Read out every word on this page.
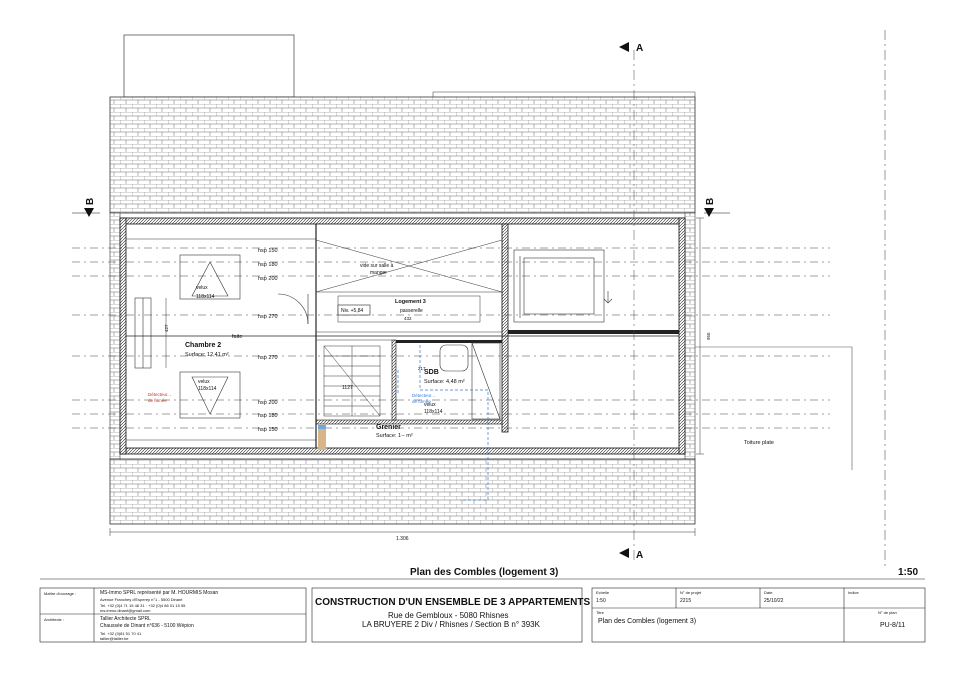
A
A
B	B
hsp 150
hsp 180
hsp 200
hsp 270
faite
hsp 270
hsp 200
hsp 180
hsp 150
velux
118x114
velux
118x114
velux
118x114
Chambre 2
Surface: 12,41 m²
SDB
Surface: 4,48 m²
Grenier
Surface: 1-- m²
vide sur salle à
manger
Logement 3
passerelle
Niv. +5,84
432
217
427
955
1.306
1127
Détecteur...
de fumée
Détecteur...
de fumée
Toiture plate
Plan des Combles (logement 3)	1:50
Maître d'ouvrage :	MS-Immo SPRL représenté par M. HOURMIS Mosan
Avenue Franchey d'Esperey n°1 - 5500 Dinant
Tel. +32 (0)4 71 15 48 31 · +32 (0)4 86 01 15 55
ms.immo.dinant@gmail.com
Architecte :	Tallier Architecte SPRL
Chaussée de Dinant n°636 - 5100 Wépion
Tel. +32 (0)81 51 70 41
tallier@tallier.be
CONSTRUCTION D'UN ENSEMBLE DE 3 APPARTEMENTS
Rue de Gembloux - 5080 Rhisnes
LA BRUYERE 2 Div / Rhisnes / Section B n° 393K
Echelle
1:50
N° de projet
2215
Date
25/10/22
Indice
Titre
Plan des Combles (logement 3)
N° de plan
PU-8/11
